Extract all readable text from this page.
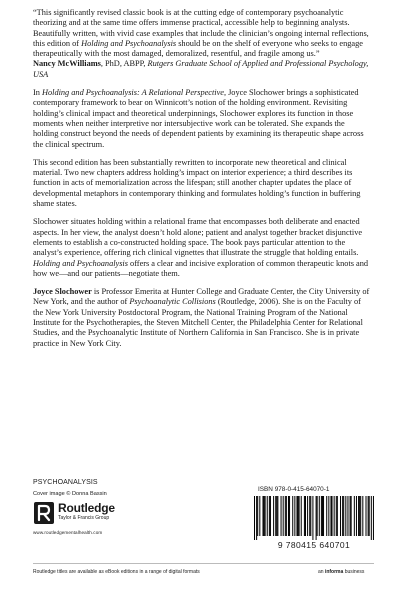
“This significantly revised classic book is at the cutting edge of contemporary psychoanalytic theorizing and at the same time offers immense practical, accessible help to beginning analysts. Beautifully written, with vivid case examples that include the clinician’s ongoing internal reflections, this edition of Holding and Psychoanalysis should be on the shelf of everyone who seeks to engage therapeutically with the most damaged, demoralized, resentful, and fragile among us.”

Nancy McWilliams, PhD, ABPP, Rutgers Graduate School of Applied and Professional Psychology, USA

In Holding and Psychoanalysis: A Relational Perspective, Joyce Slochower brings a sophisticated contemporary framework to bear on Winnicott’s notion of the holding environment. Revisiting holding’s clinical impact and theoretical underpinnings, Slochower explores its function in those moments when neither interpretive nor intersubjective work can be tolerated. She expands the holding construct beyond the needs of dependent patients by examining its therapeutic shape across the clinical spectrum.

This second edition has been substantially rewritten to incorporate new theoretical and clinical material. Two new chapters address holding’s impact on interior experience; a third describes its function in acts of memorialization across the lifespan; still another chapter updates the place of developmental metaphors in contemporary thinking and formulates holding’s function in buffering shame states.

Slochower situates holding within a relational frame that encompasses both deliberate and enacted aspects. In her view, the analyst doesn’t hold alone; patient and analyst together bracket disjunctive elements to establish a co-constructed holding space. The book pays particular attention to the analyst’s experience, offering rich clinical vignettes that illustrate the struggle that holding entails. Holding and Psychoanalysis offers a clear and incisive exploration of common therapeutic knots and how we—and our patients—negotiate them.

Joyce Slochower is Professor Emerita at Hunter College and Graduate Center, the City University of New York, and the author of Psychoanalytic Collisions (Routledge, 2006). She is on the Faculty of the New York University Postdoctoral Program, the National Training Program of the National Institute for the Psychotherapies, the Steven Mitchell Center, the Philadelphia Center for Relational Studies, and the Psychoanalytic Institute of Northern California in San Francisco. She is in private practice in New York City.

PSYCHOANALYSIS
Cover image © Donna Bassin
Routledge
Taylor & Francis Group
www.routledgementalhealth.com
ISBN 978-0-415-64070-1
9 780415 640701
Routledge titles are available as eBook editions in a range of digital formats	an informa business
